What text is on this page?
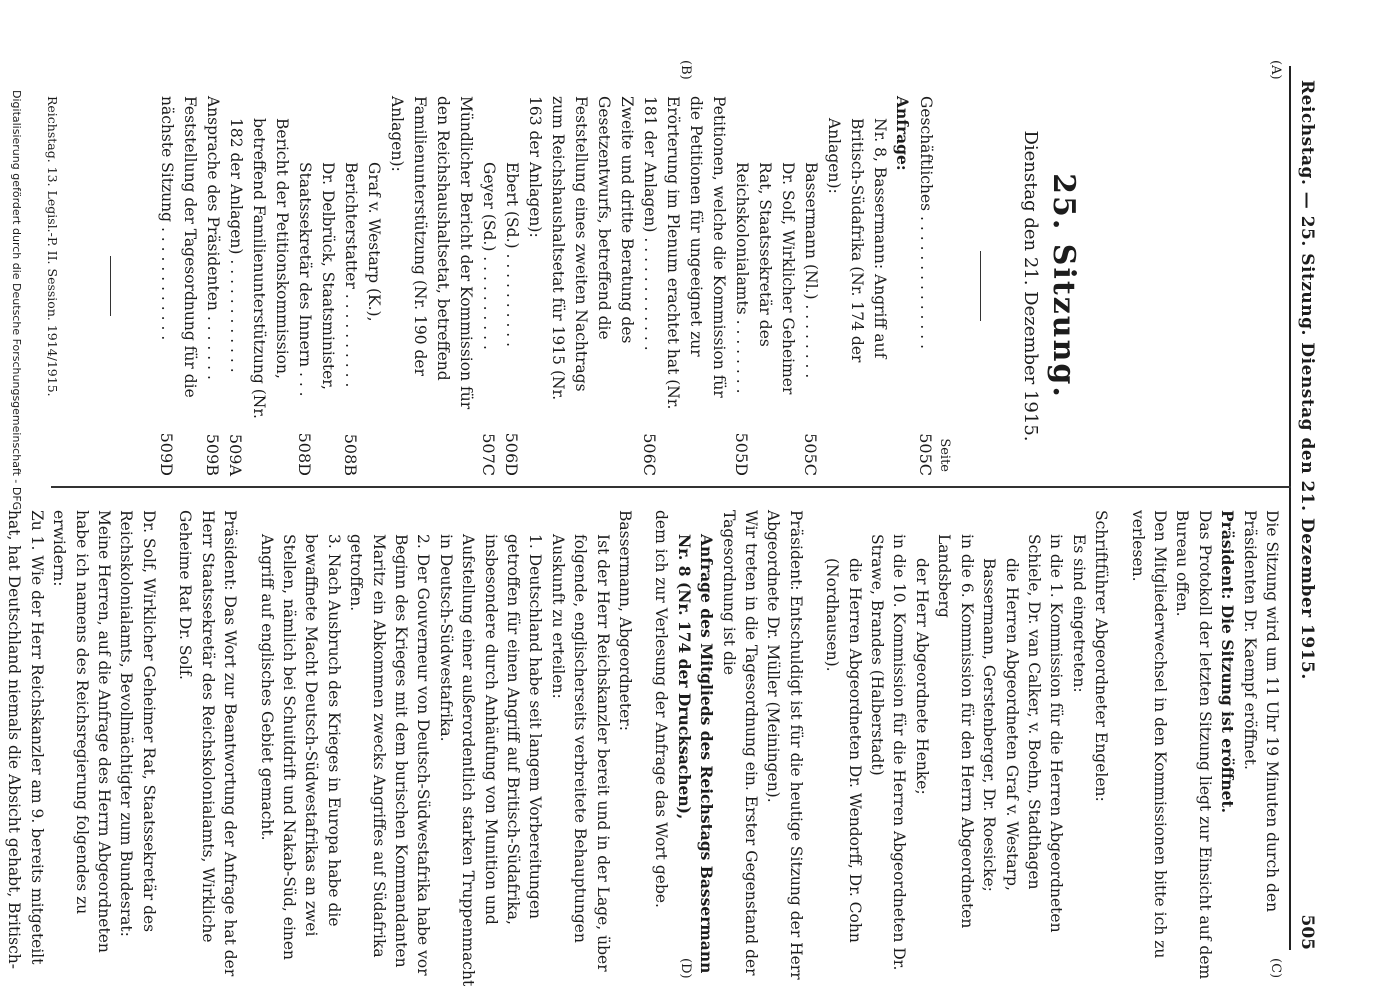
Reichstag. — 25. Sitzung. Dienstag den 21. Dezember 1915.
505
(A)
(B)
(C)
(D)
25. Sitzung.
Dienstag den 21. Dezember 1915.
Seite
Geschäftliches . . . . . . . . . . . . . .
505C
Anfrage:
Nr. 8, Bassermann: Angriff auf Britisch-Südafrika (Nr. 174 der Anlagen):
Bassermann (Nl.) . . . . . . . .
505C
Dr. Solf, Wirklicher Geheimer Rat, Staatssekretär des Reichskolonialamts . . . . . . . .
505D
Petitionen, welche die Kommission für die Petitionen für ungeeignet zur Erörterung im Plenum erachtet hat (Nr. 181 der Anlagen) . . . . . . . . . . . .
506C
Zweite und dritte Beratung des Gesetzentwurfs, betreffend die Feststellung eines zweiten Nachtrags zum Reichshaushaltsetat für 1915 (Nr. 163 der Anlagen):
Ebert (Sd.) . . . . . . . . . .
506D
Geyer (Sd.) . . . . . . . . . .
507C
Mündlicher Bericht der Kommission für den Reichshaushaltsetat, betreffend Familienunterstützung (Nr. 190 der Anlagen):
Graf v. Westarp (K.), Berichterstatter . . . . . . . . . .
508B
Dr. Delbrück, Staatsminister, Staatssekretär des Innern . . .
508D
Bericht der Petitionskommission, betreffend Familienunterstützung (Nr. 182 der Anlagen) . . . . . . . . . . . .
509A
Ansprache des Präsidenten . . . . . . .
509B
Feststellung der Tagesordnung für die nächste Sitzung . . . . . . . . . . . .
509D
Reichstag. 13. Legisl.-P. II. Session. 1914/1915.

Die Sitzung wird um 11 Uhr 19 Minuten durch den Präsidenten Dr. Kaempf eröffnet.

Präsident: Die Sitzung ist eröffnet.

Das Protokoll der letzten Sitzung liegt zur Einsicht auf dem Bureau offen.

Den Mitgliederwechsel in den Kommissionen bitte ich zu verlesen.

Schriftführer Abgeordneter Engelen:

Es sind eingetreten:

in die 1. Kommission für die Herren Abgeordneten Schiele, Dr. van Calker, v. Boehn, Stadthagen

die Herren Abgeordneten Graf v. Westarp, Bassermann, Gerstenberger, Dr. Roesicke;

in die 6. Kommission für den Herrn Abgeordneten Landsberg

der Herr Abgeordnete Henke;

in die 10. Kommission für die Herren Abgeordneten Dr. Strawe, Brandes (Halberstadt)

die Herren Abgeordneten Dr. Wendorff, Dr. Cohn (Nordhausen).

Präsident: Entschuldigt ist für die heutige Sitzung der Herr Abgeordnete Dr. Müller (Meiningen).

Wir treten in die Tagesordnung ein. Erster Gegenstand der Tagesordnung ist die

Anfrage des Mitglieds des Reichstags Bassermann Nr. 8 (Nr. 174 der Drucksachen),

dem ich zur Verlesung der Anfrage das Wort gebe.

Bassermann, Abgeordneter:

Ist der Herr Reichskanzler bereit und in der Lage, über folgende, englischerseits verbreitete Behauptungen Auskunft zu erteilen:

1. Deutschland habe seit langem Vorbereitungen getroffen für einen Angriff auf Britisch-Südafrika, insbesondere durch Anhäufung von Munition und Aufstellung einer außerordentlich starken Truppenmacht in Deutsch-Südwestafrika.

2. Der Gouverneur von Deutsch-Südwestafrika habe vor Beginn des Krieges mit dem burischen Kommandanten Maritz ein Abkommen zwecks Angriffes auf Südafrika getroffen.

3. Nach Ausbruch des Krieges in Europa habe die bewaffnete Macht Deutsch-Südwestafrikas an zwei Stellen, nämlich bei Schuitdrift und Nakab-Süd, einen Angriff auf englisches Gebiet gemacht.

Präsident: Das Wort zur Beantwortung der Anfrage hat der Herr Staatssekretär des Reichskolonialamts, Wirkliche Geheime Rat Dr. Solf.

Dr. Solf, Wirklicher Geheimer Rat, Staatssekretär des Reichskolonialamts, Bevollmächtigter zum Bundesrat: Meine Herren, auf die Anfrage des Herrn Abgeordneten habe ich namens des Reichsregierung folgendes zu erwidern:

Zu 1. Wie der Herr Reichskanzler am 9. bereits mitgeteilt hat, hat Deutschland niemals die Absicht gehabt, Britisch-

Digitalisierung gefördert durch die Deutsche Forschungsgemeinschaft - DFG
